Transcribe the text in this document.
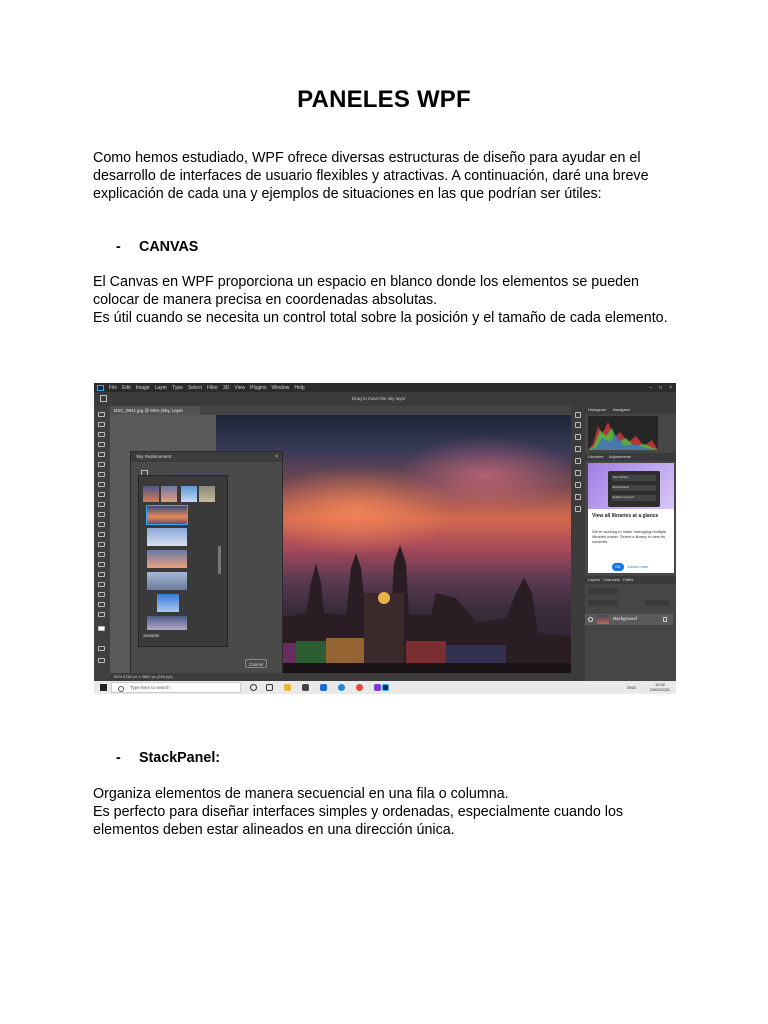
PANELES WPF

Como hemos estudiado, WPF ofrece diversas estructuras de diseño para ayudar en el

desarrollo de interfaces de usuario flexibles y atractivas. A continuación, daré una breve

explicación de cada una y ejemplos de situaciones en las que podrían ser útiles:

- CANVAS

El Canvas en WPF proporciona un espacio en blanco donde los elementos se pueden

colocar de manera precisa en coordenadas absolutas.

Es útil cuando se necesita un control total sobre la posición y el tamaño de cada elemento.

File Edit Image Layer Type Select Filter 3D View Plugins Window Help	– □ ×
Drag to move the sky layer
DSC_0841.jpg @ 50% (Sky, Layer
Sky Replacement	×
Cancel
Sunsets
Histogram Navigator
Libraries Adjustments
Your Library
Stock Assets
Graphic Content
View all libraries at a glance
We're working to make managing multiple libraries easier. Select a library to view its contents.
OK	Learn more
Layers Channels Paths
Background
50% 5760 px x 3840 px (240 ppi)
Type here to search	ENG
12:52
23/02/2021
- StackPanel:

Organiza elementos de manera secuencial en una fila o columna.

Es perfecto para diseñar interfaces simples y ordenadas, especialmente cuando los

elementos deben estar alineados en una dirección única.
